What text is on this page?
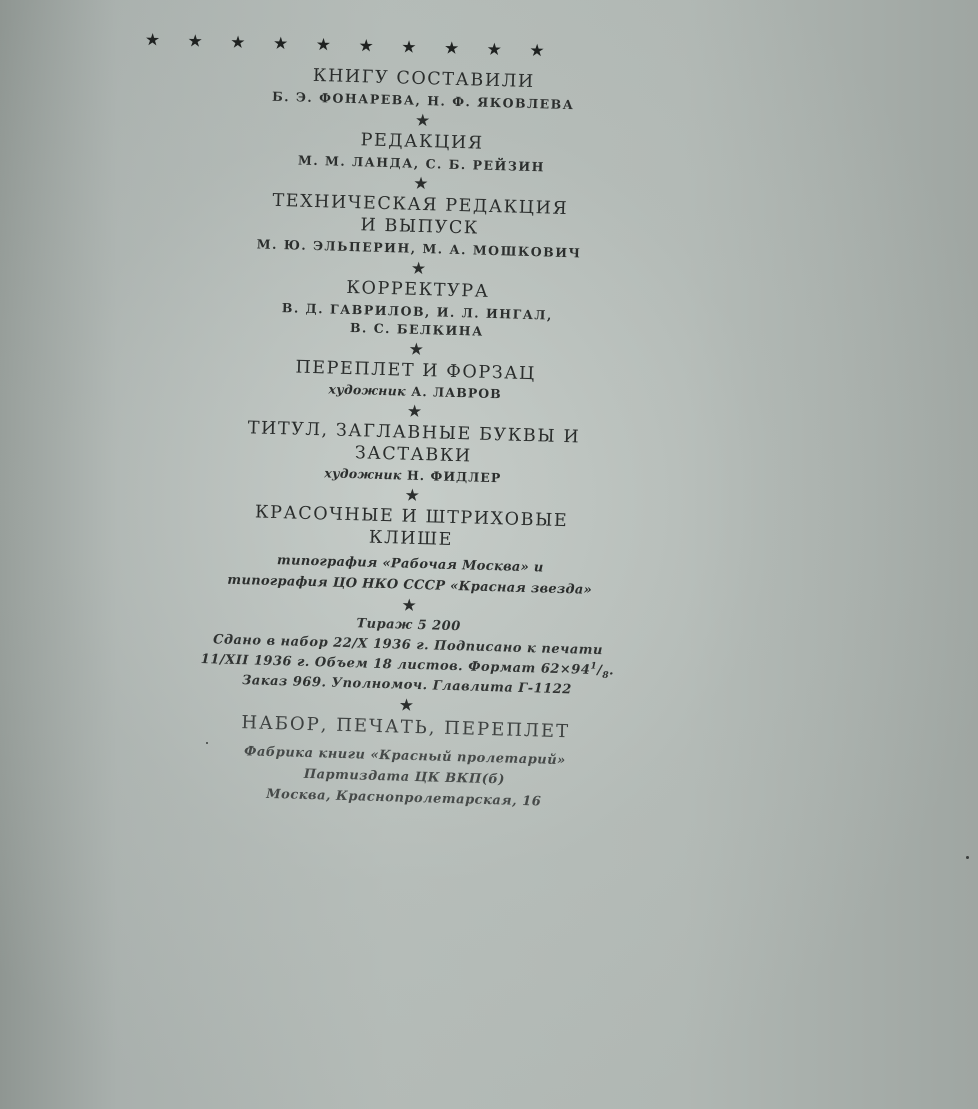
★ ★ ★ ★ ★ ★ ★ ★ ★ ★
КНИГУ СОСТАВИЛИ
Б. Э. ФОНАРЕВА, Н. Ф. ЯКОВЛЕВА
★
РЕДАКЦИЯ
М. М. ЛАНДА, С. Б. РЕЙЗИН
★
ТЕХНИЧЕСКАЯ РЕДАКЦИЯ
И ВЫПУСК
М. Ю. ЭЛЬПЕРИН, М. А. МОШКОВИЧ
★
КОРРЕКТУРА
В. Д. ГАВРИЛОВ, И. Л. ИНГАЛ,
В. С. БЕЛКИНА
★
ПЕРЕПЛЕТ И ФОРЗАЦ
художник А. ЛАВРОВ
★
ТИТУЛ, ЗАГЛАВНЫЕ БУКВЫ И
ЗАСТАВКИ
художник Н. ФИДЛЕР
★
КРАСОЧНЫЕ И ШТРИХОВЫЕ
КЛИШЕ
типография «Рабочая Москва» и
типография ЦО НКО СССР «Красная звезда»
★
Тираж 5 200
Сдано в набор 22/X 1936 г. Подписано к печати
11/XII 1936 г. Объем 18 листов. Формат $62\times 94^1/_8$.
Заказ 969. Уполномоч. Главлита Г-1122
★
НАБОР, ПЕЧАТЬ, ПЕРЕПЛЕТ
Фабрика книги «Красный пролетарий»
Партиздата ЦК ВКП(б)
Москва, Краснопролетарская, 16
